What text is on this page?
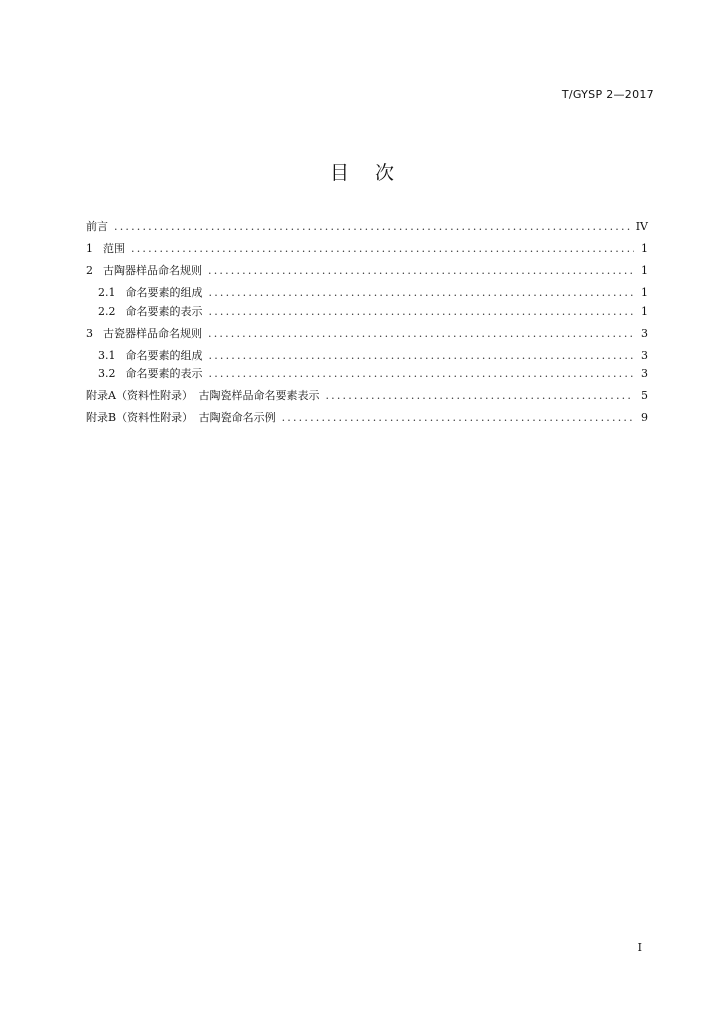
T/GYSP 2—2017
目次
前言 .....	IV
1 范围 .....	1
2 古陶器样品命名规则 .....	1
2.1 命名要素的组成 .....	1
2.2 命名要素的表示 .....	1
3 古瓷器样品命名规则 .....	3
3.1 命名要素的组成 .....	3
3.2 命名要素的表示 .....	3
附录A（资料性附录）　古陶瓷样品命名要素表示 .....	5
附录B（资料性附录）　古陶瓷命名示例 .....	9
I
